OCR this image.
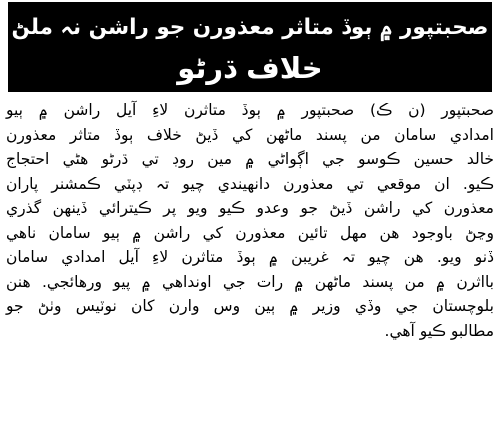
صحبتپور ۾ ٻوڏ متاثر معذورن جو راشن نہ ملڻ
خلاف ڌرڻو
صحبتپور (ن ڪ) صحبتپور ۾ ٻوڏ متاثرن لاءِ آيل راشن ۾ ٻيو
امدادي سامان من پسند ماڻهن کي ڏيڻ خلاف ٻوڏ متاثر معذورن
خالد حسين ڪوسو جي اڳواڻي ۾ مين روڊ تي ڌرڻو هڻي احتجاج
ڪيو. ان موقعي تي معذورن دانهيندي چيو تہ ڊپٽي ڪمشنر پاران
معذورن کي راشن ڏيڻ جو وعدو ڪيو ويو پر ڪيترائي ڏينهن گذري
وڃڻ باوجود هن مهل تائين معذورن کي راشن ۾ ٻيو سامان ناهي
ڏنو ويو. هن چيو تہ غريبن ۾ ٻوڏ متاثرن لاءِ آيل امدادي سامان
بااثرن ۾ من پسند ماڻهن ۾ رات جي اونداهي ۾ پيو ورهائجي. هنن
بلوچستان جي وڏي وزير ۾ ٻين وس وارن کان نوٽيس وٺڻ جو
مطالبو ڪيو آهي.
